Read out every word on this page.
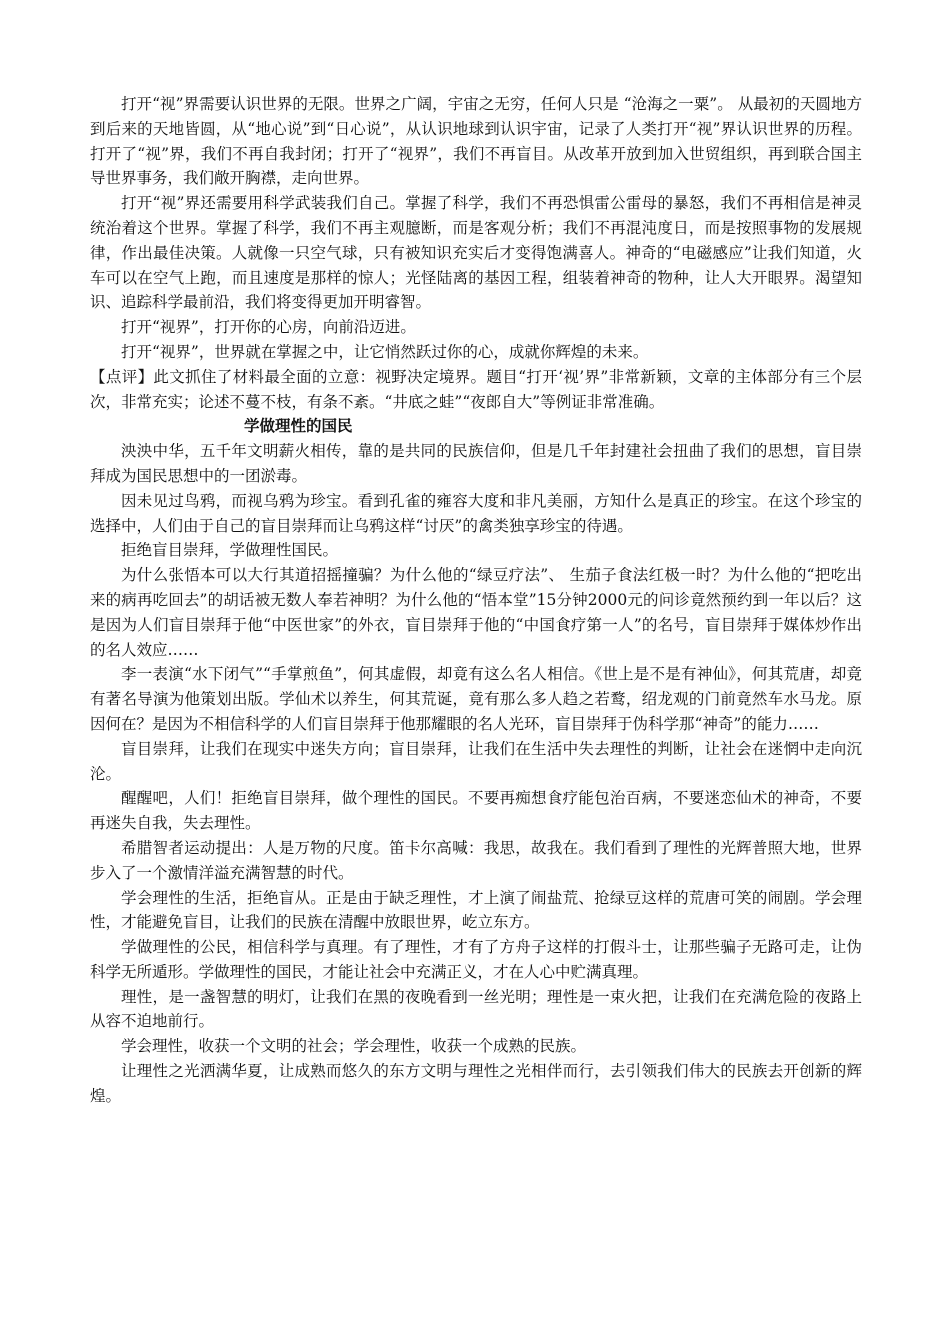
打开“视”界需要认识世界的无限。世界之广阔，宇宙之无穷，任何人只是 “沧海之一粟”。 从最初的天圆地方到后来的天地皆圆，从“地心说”到“日心说”，从认识地球到认识宇宙，记录了人类打开“视”界认识世界的历程。打开了“视”界，我们不再自我封闭；打开了“视界”，我们不再盲目。从改革开放到加入世贸组织，再到联合国主导世界事务，我们敞开胸襟，走向世界。

打开“视”界还需要用科学武装我们自己。掌握了科学，我们不再恐惧雷公雷母的暴怒，我们不再相信是神灵统治着这个世界。掌握了科学，我们不再主观臆断，而是客观分析；我们不再混沌度日，而是按照事物的发展规律，作出最佳决策。人就像一只空气球，只有被知识充实后才变得饱满喜人。神奇的“电磁感应”让我们知道，火车可以在空气上跑，而且速度是那样的惊人；光怪陆离的基因工程，组装着神奇的物种，让人大开眼界。渴望知识、追踪科学最前沿，我们将变得更加开明睿智。

打开“视界”，打开你的心房，向前沿迈进。

打开“视界”，世界就在掌握之中，让它悄然跃过你的心，成就你辉煌的未来。

【点评】此文抓住了材料最全面的立意：视野决定境界。题目“打开‘视’界”非常新颖，文章的主体部分有三个层次，非常充实；论述不蔓不枝，有条不紊。“井底之蛙”“夜郎自大”等例证非常准确。

学做理性的国民

泱泱中华，五千年文明薪火相传，靠的是共同的民族信仰，但是几千年封建社会扭曲了我们的思想，盲目崇拜成为国民思想中的一团淤毒。

因未见过鸟鸦，而视乌鸦为珍宝。看到孔雀的雍容大度和非凡美丽，方知什么是真正的珍宝。在这个珍宝的选择中，人们由于自己的盲目崇拜而让乌鸦这样“讨厌”的禽类独享珍宝的待遇。

拒绝盲目崇拜，学做理性国民。

为什么张悟本可以大行其道招摇撞骗？为什么他的“绿豆疗法”、 生茄子食法红极一时？为什么他的“把吃出来的病再吃回去”的胡话被无数人奉若神明？为什么他的“悟本堂”15分钟2000元的问诊竟然预约到一年以后？这是因为人们盲目崇拜于他“中医世家”的外衣，盲目崇拜于他的“中国食疗第一人”的名号，盲目崇拜于媒体炒作出的名人效应……

李一表演“水下闭气”“手掌煎鱼”，何其虚假，却竟有这么名人相信。《世上是不是有神仙》，何其荒唐，却竟有著名导演为他策划出版。学仙术以养生，何其荒诞，竟有那么多人趋之若鹜，绍龙观的门前竟然车水马龙。原因何在？是因为不相信科学的人们盲目崇拜于他那耀眼的名人光环，盲目崇拜于伪科学那“神奇”的能力……

盲目崇拜，让我们在现实中迷失方向；盲目崇拜，让我们在生活中失去理性的判断，让社会在迷惘中走向沉沦。

醒醒吧，人们！拒绝盲目崇拜，做个理性的国民。不要再痴想食疗能包治百病，不要迷恋仙术的神奇，不要再迷失自我，失去理性。

希腊智者运动提出：人是万物的尺度。笛卡尔高喊：我思，故我在。我们看到了理性的光辉普照大地，世界步入了一个激情洋溢充满智慧的时代。

学会理性的生活，拒绝盲从。正是由于缺乏理性，才上演了闹盐荒、抢绿豆这样的荒唐可笑的闹剧。学会理性，才能避免盲目，让我们的民族在清醒中放眼世界，屹立东方。

学做理性的公民，相信科学与真理。有了理性，才有了方舟子这样的打假斗士，让那些骗子无路可走，让伪科学无所遁形。学做理性的国民，才能让社会中充满正义，才在人心中贮满真理。

理性，是一盏智慧的明灯，让我们在黑的夜晚看到一丝光明；理性是一束火把，让我们在充满危险的夜路上从容不迫地前行。

学会理性，收获一个文明的社会；学会理性，收获一个成熟的民族。

让理性之光洒满华夏，让成熟而悠久的东方文明与理性之光相伴而行，去引领我们伟大的民族去开创新的辉煌。
